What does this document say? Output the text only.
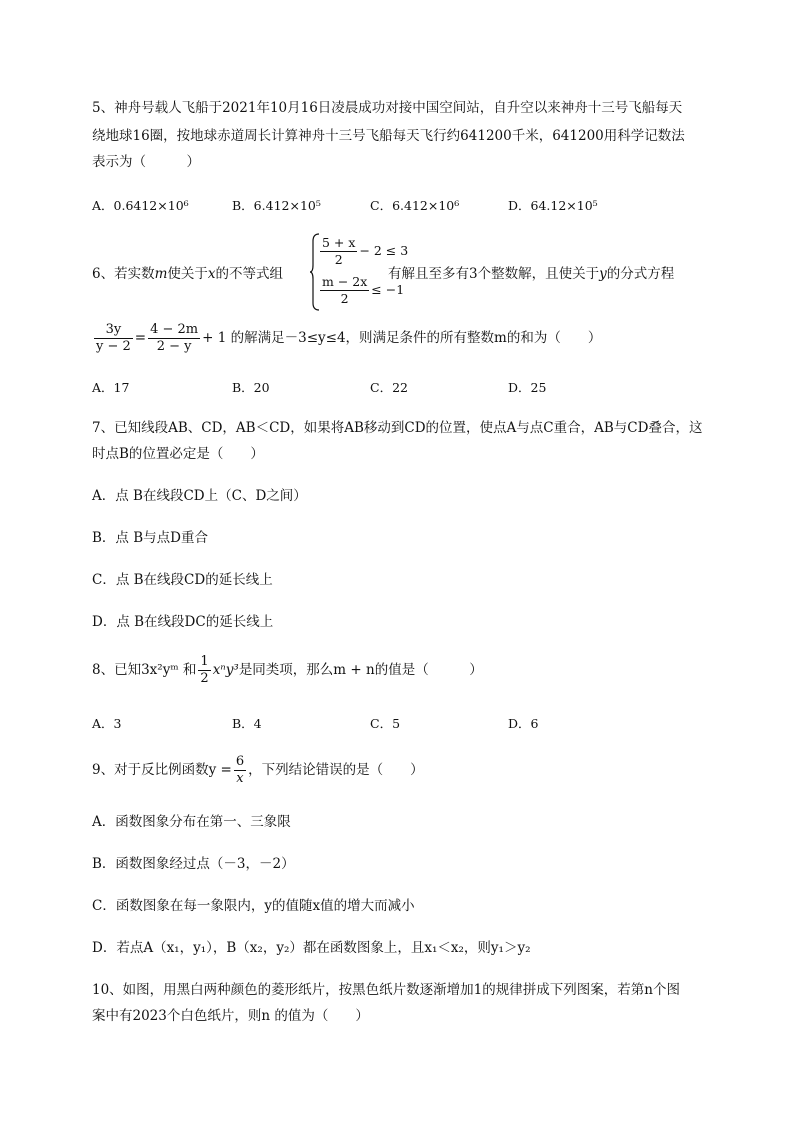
5、神舟号载人飞船于2021年10月16日凌晨成功对接中国空间站，自升空以来神舟十三号飞船每天
绕地球16圈，按地球赤道周长计算神舟十三号飞船每天飞行约641200千米，641200用科学记数法
表示为（　　　）
A．0.6412×10⁶	B．6.412×10⁵	C．6.412×10⁶	D．64.12×10⁵
6、若实数m使关于x的不等式组
$\frac{5 + x}{2} - 2 \le 3$
$\frac{m - 2x}{2} \le -1$
有解且至多有3个整数解，且使关于y的分式方程
$\frac{3y}{y - 2} = \frac{4 - 2m}{2 - y} + 1$ 的解满足－3≤y≤4，则满足条件的所有整数m的和为（　　）
A．17	B．20	C．22	D．25
7、已知线段AB、CD，AB＜CD，如果将AB移动到CD的位置，使点A与点C重合，AB与CD叠合，这
时点B的位置必定是（　　）
A．点 B在线段CD上（C、D之间）
B．点 B与点D重合
C．点 B在线段CD的延长线上
D．点 B在线段DC的延长线上
8、已知3x²yᵐ 和 $\frac{1}{2} x^ny^3$是同类项，那么m + n的值是（　　　）
A．3	B．4	C．5	D．6
9、对于反比例函数$y = \frac{6}{x}$ ，下列结论错误的是（　　）
A．函数图象分布在第一、三象限
B．函数图象经过点（－3，－2）
C．函数图象在每一象限内，y的值随x值的增大而减小
D．若点A（x₁，y₁），B（x₂，y₂）都在函数图象上，且x₁＜x₂，则y₁＞y₂
10、如图，用黑白两种颜色的菱形纸片，按黑色纸片数逐渐增加1的规律拼成下列图案，若第n个图
案中有2023个白色纸片，则n 的值为（　　）
